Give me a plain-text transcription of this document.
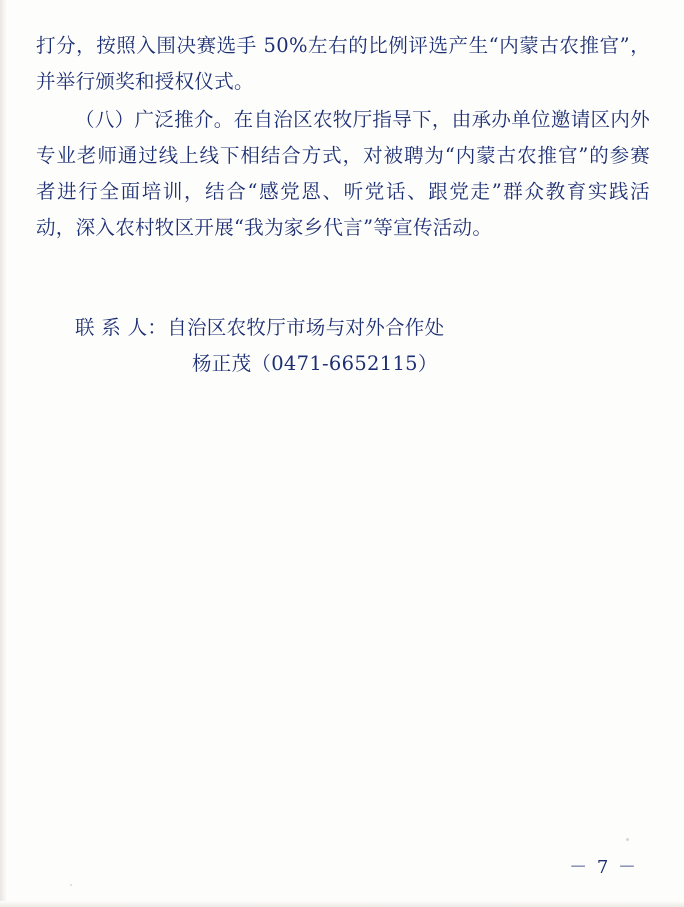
打分，按照入围决赛选手 50%左右的比例评选产生“内蒙古农推官”，并举行颁奖和授权仪式。

（八）广泛推介。在自治区农牧厅指导下，由承办单位邀请区内外专业老师通过线上线下相结合方式，对被聘为“内蒙古农推官”的参赛者进行全面培训，结合“感党恩、听党话、跟党走”群众教育实践活动，深入农村牧区开展“我为家乡代言”等宣传活动。

联 系 人：自治区农牧厅市场与对外合作处
杨正茂（0471-6652115）
－ 7 －
